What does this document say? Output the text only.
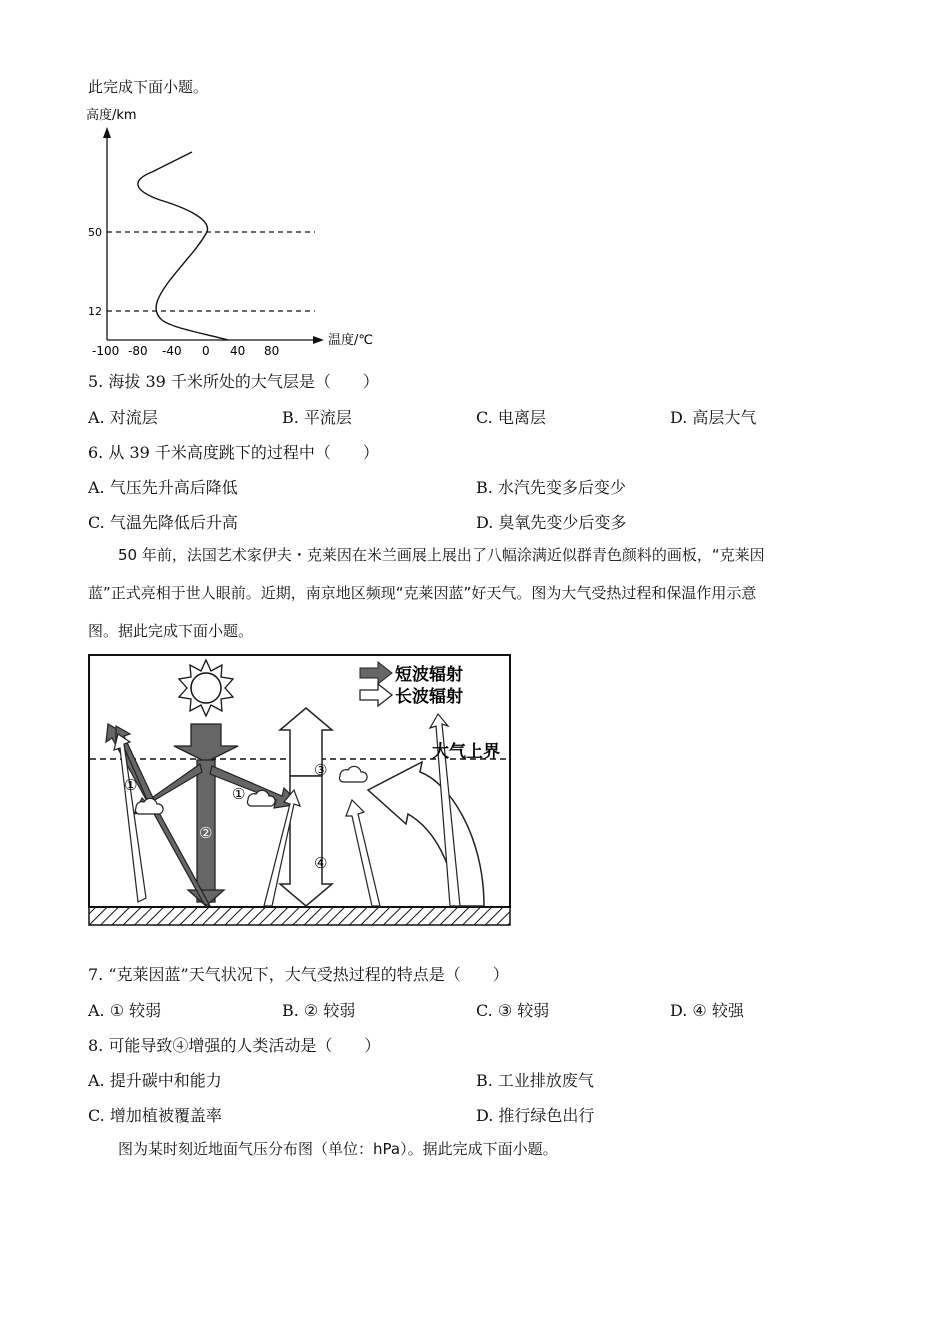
此完成下面小题。
高度/km
温度/℃
50
12
-100 -80 -40 0 40 80
5. 海拔 39 千米所处的大气层是（　　）
A. 对流层	B. 平流层	C. 电离层	D. 高层大气
6. 从 39 千米高度跳下的过程中（　　）
A. 气压先升高后降低	B. 水汽先变多后变少
C. 气温先降低后升高	D. 臭氧先变少后变多
50 年前，法国艺术家伊夫・克莱因在米兰画展上展出了八幅涂满近似群青色颜料的画板，“克莱因
蓝”正式亮相于世人眼前。近期，南京地区频现“克莱因蓝”好天气。图为大气受热过程和保温作用示意
图。据此完成下面小题。
①	①
②
③
④
短波辐射
长波辐射
大气上界
7. “克莱因蓝”天气状况下，大气受热过程的特点是（　　）
A. ① 较弱	B. ② 较弱	C. ③ 较弱	D. ④ 较强
8. 可能导致④增强的人类活动是（　　）
A. 提升碳中和能力	B. 工业排放废气
C. 增加植被覆盖率	D. 推行绿色出行
图为某时刻近地面气压分布图（单位：hPa）。据此完成下面小题。
